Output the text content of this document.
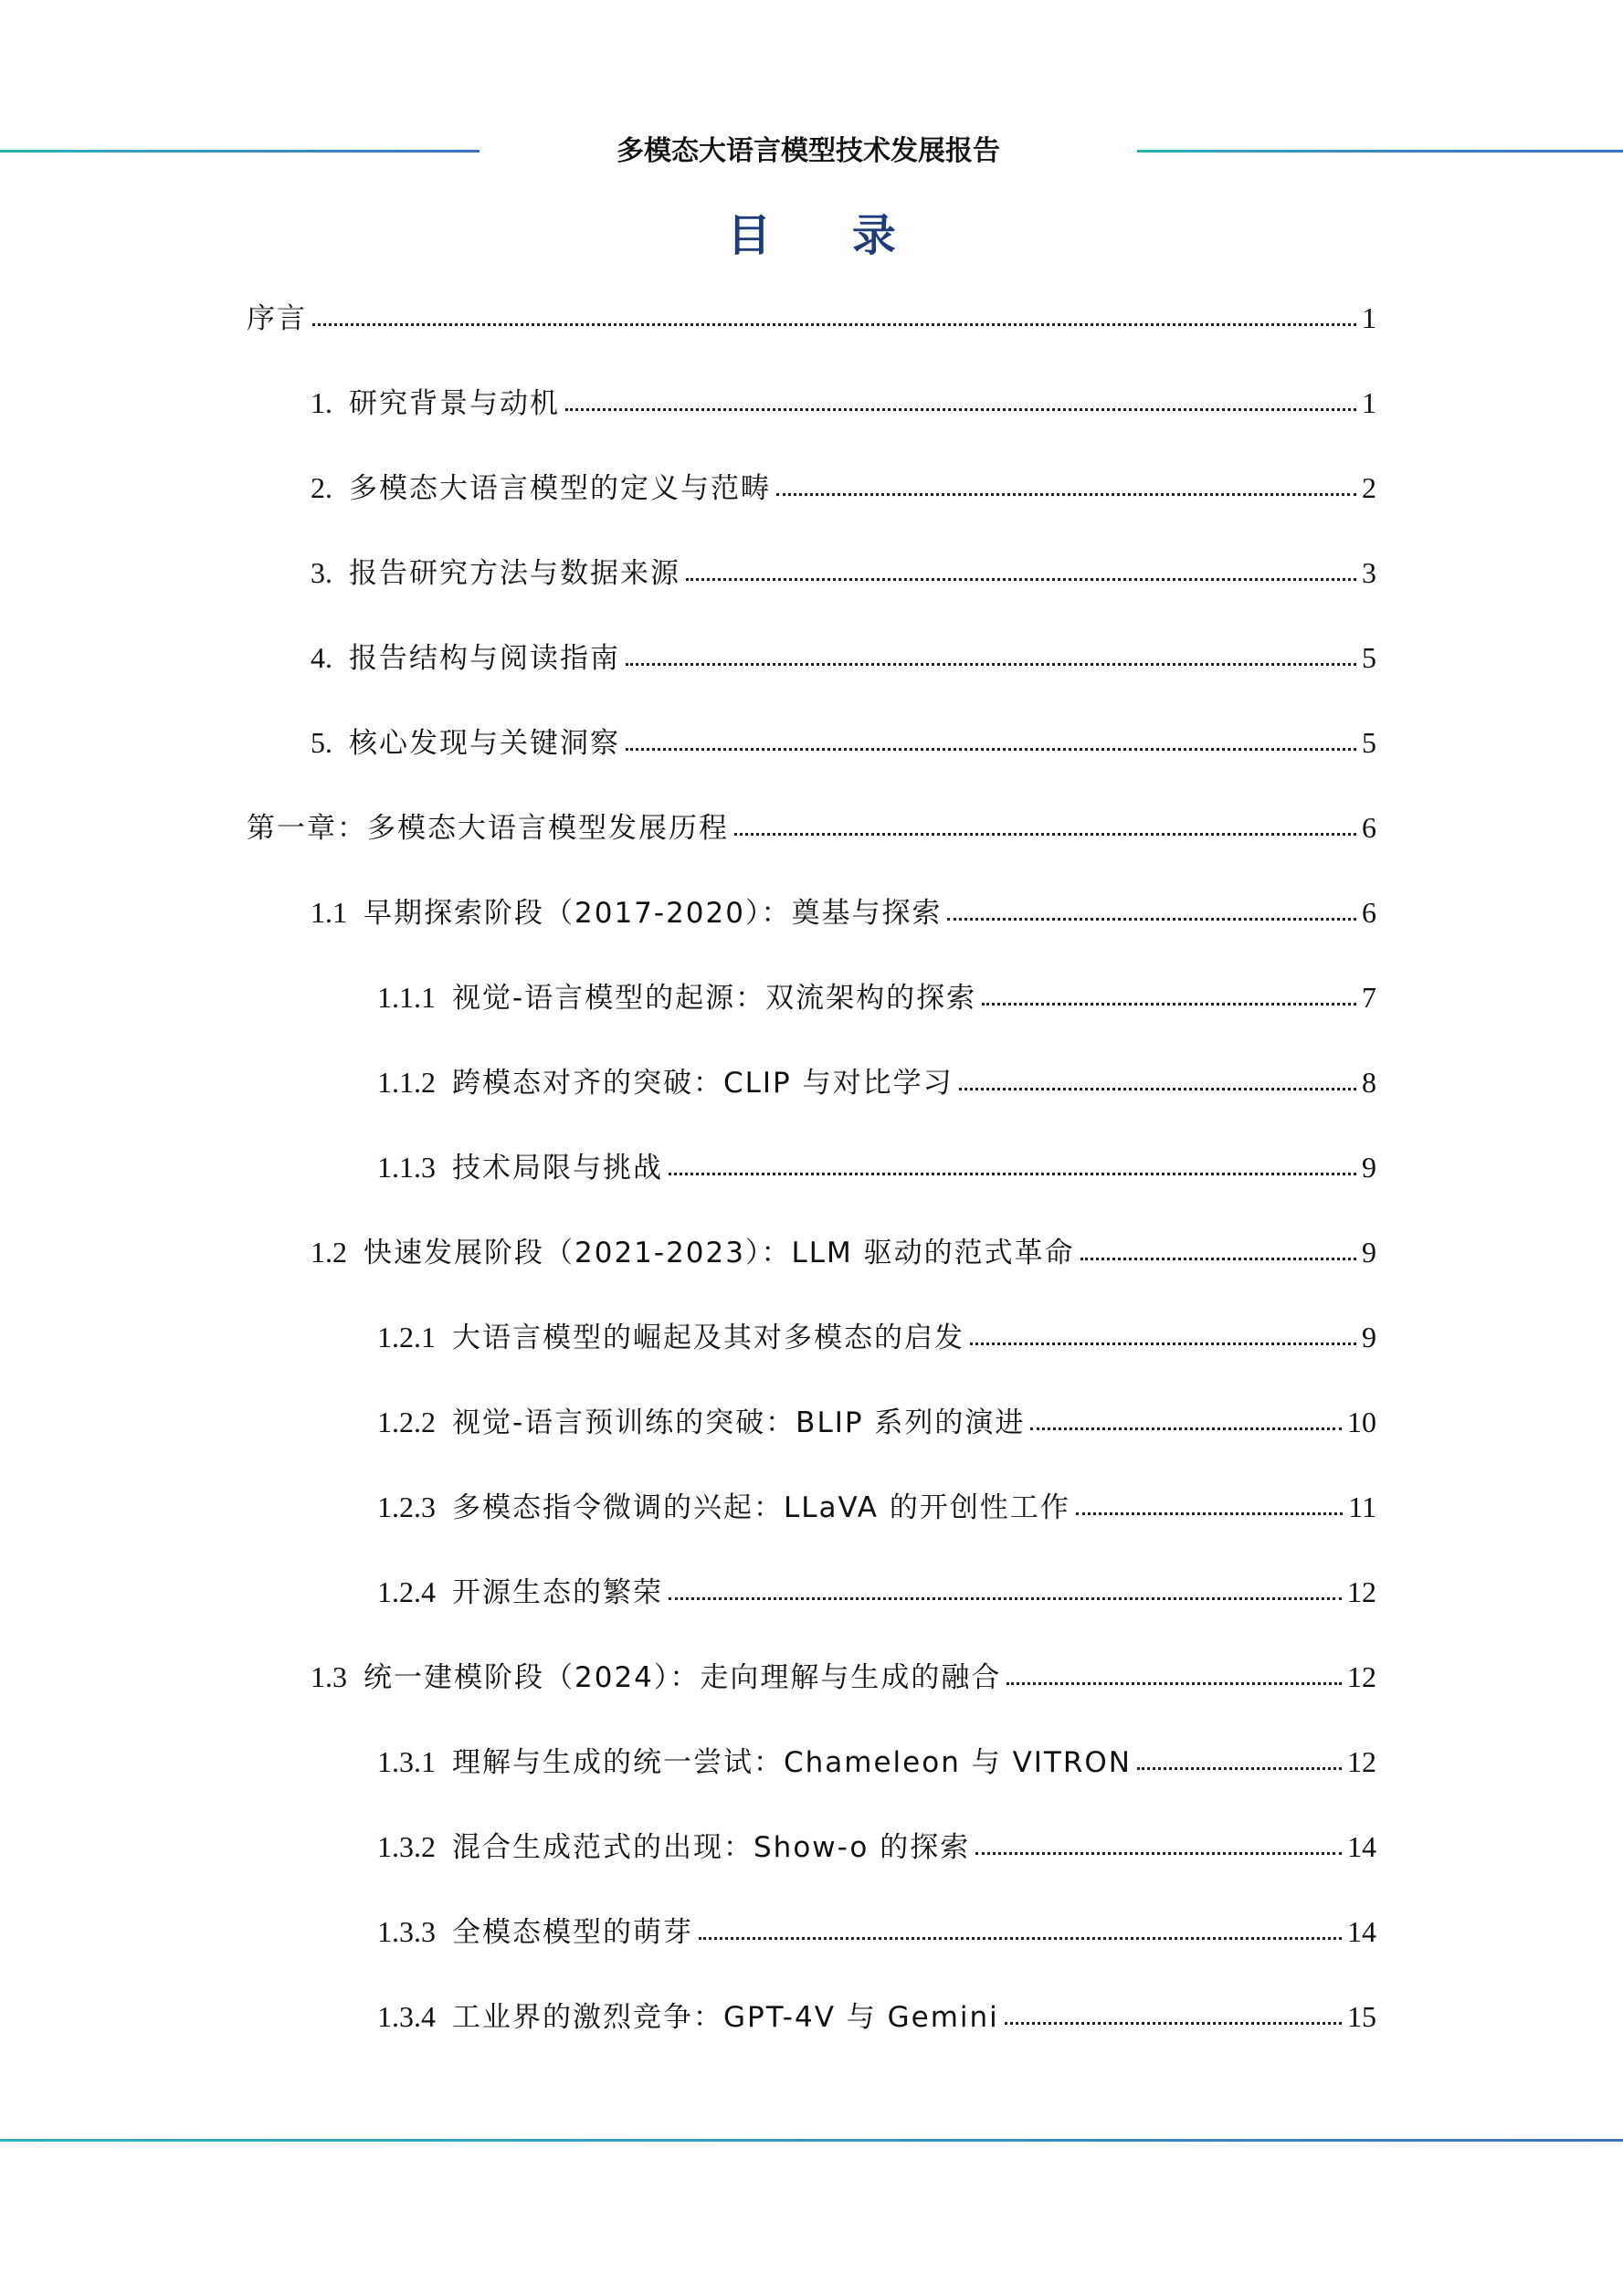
多模态大语言模型技术发展报告
目 录
序言	1
1. 研究背景与动机	1
2. 多模态大语言模型的定义与范畴	2
3. 报告研究方法与数据来源	3
4. 报告结构与阅读指南	5
5. 核心发现与关键洞察	5
第一章：多模态大语言模型发展历程	6
1.1 早期探索阶段（2017-2020）：奠基与探索	6
1.1.1 视觉-语言模型的起源：双流架构的探索	7
1.1.2 跨模态对齐的突破：CLIP 与对比学习	8
1.1.3 技术局限与挑战	9
1.2 快速发展阶段（2021-2023）：LLM 驱动的范式革命	9
1.2.1 大语言模型的崛起及其对多模态的启发	9
1.2.2 视觉-语言预训练的突破：BLIP 系列的演进	10
1.2.3 多模态指令微调的兴起：LLaVA 的开创性工作	11
1.2.4 开源生态的繁荣	12
1.3 统一建模阶段（2024）：走向理解与生成的融合	12
1.3.1 理解与生成的统一尝试：Chameleon 与 VITRON	12
1.3.2 混合生成范式的出现：Show-o 的探索	14
1.3.3 全模态模型的萌芽	14
1.3.4 工业界的激烈竞争：GPT-4V 与 Gemini	15
